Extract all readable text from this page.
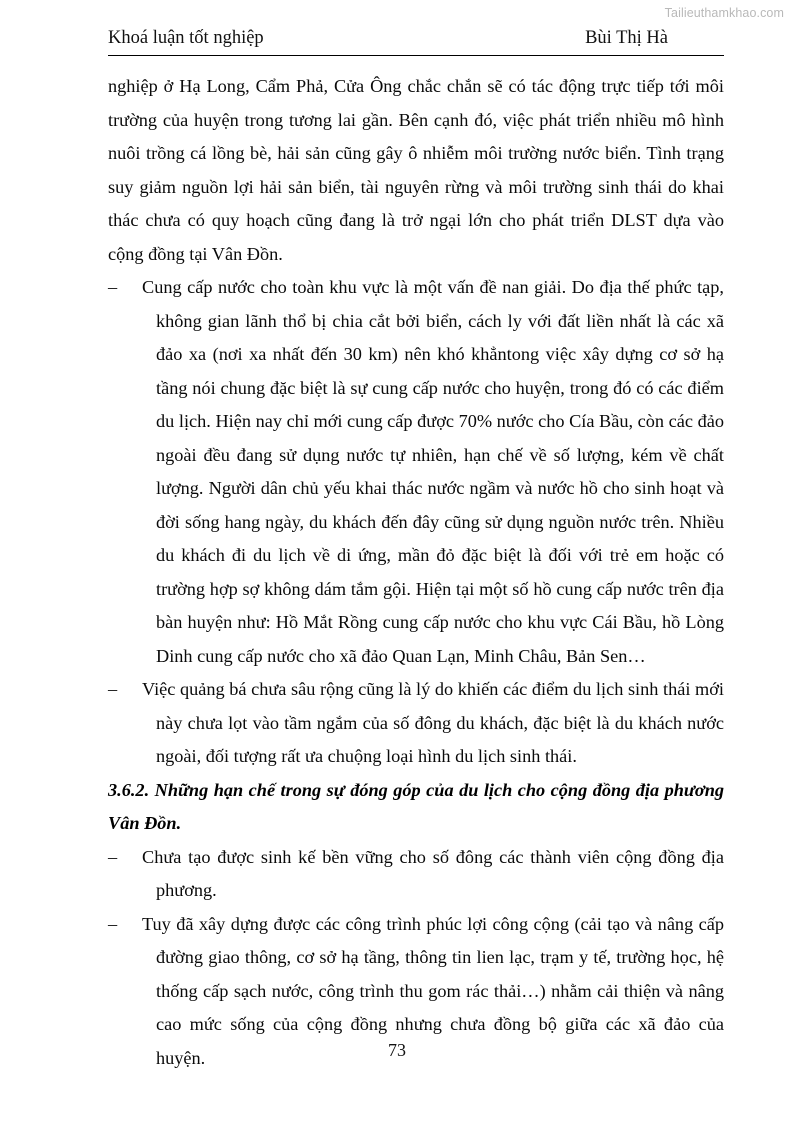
Tailieuthamkhao.com
Khoá luận tốt nghiệp	Bùi Thị Hà

nghiệp ở Hạ Long, Cẩm Phả, Cửa Ông chắc chắn sẽ có tác động trực tiếp tới môi trường của huyện trong tương lai gần. Bên cạnh đó, việc phát triển nhiều mô hình nuôi trồng cá lồng bè, hải sản cũng gây ô nhiễm môi trường nước biển. Tình trạng suy giảm nguồn lợi hải sản biển, tài nguyên rừng và môi trường sinh thái do khai thác chưa có quy hoạch cũng đang là trở ngại lớn cho phát triển DLST dựa vào cộng đồng tại Vân Đồn.

– Cung cấp nước cho toàn khu vực là một vấn đề nan giải. Do địa thế phức tạp, không gian lãnh thổ bị chia cắt bởi biển, cách ly với đất liền nhất là các xã đảo xa (nơi xa nhất đến 30 km) nên khó khẳntong việc xây dựng cơ sở hạ tầng nói chung đặc biệt là sự cung cấp nước cho huyện, trong đó có các điểm du lịch. Hiện nay chỉ mới cung cấp được 70% nước cho Cía Bầu, còn các đảo ngoài đều đang sử dụng nước tự nhiên, hạn chế về số lượng, kém về chất lượng. Người dân chủ yếu khai thác nước ngầm và nước hồ cho sinh hoạt và đời sống hang ngày, du khách đến đây cũng sử dụng nguồn nước trên. Nhiều du khách đi du lịch về di ứng, mần đỏ đặc biệt là đối với trẻ em hoặc có trường hợp sợ không dám tắm gội. Hiện tại một số hồ cung cấp nước trên địa bàn huyện như: Hồ Mắt Rồng cung cấp nước cho khu vực Cái Bầu, hồ Lòng Dinh cung cấp nước cho xã đảo Quan Lạn, Minh Châu, Bản Sen…

– Việc quảng bá chưa sâu rộng cũng là lý do khiến các điểm du lịch sinh thái mới này chưa lọt vào tầm ngắm của số đông du khách, đặc biệt là du khách nước ngoài, đối tượng rất ưa chuộng loại hình du lịch sinh thái.

3.6.2. Những hạn chế trong sự đóng góp của du lịch cho cộng đồng địa phương Vân Đồn.

– Chưa tạo được sinh kế bền vững cho số đông các thành viên cộng đồng địa phương.

– Tuy đã xây dựng được các công trình phúc lợi công cộng (cải tạo và nâng cấp đường giao thông, cơ sở hạ tầng, thông tin lien lạc, trạm y tế, trường học, hệ thống cấp sạch nước, công trình thu gom rác thải…) nhằm cải thiện và nâng cao mức sống của cộng đồng nhưng chưa đồng bộ giữa các xã đảo của huyện.	73
